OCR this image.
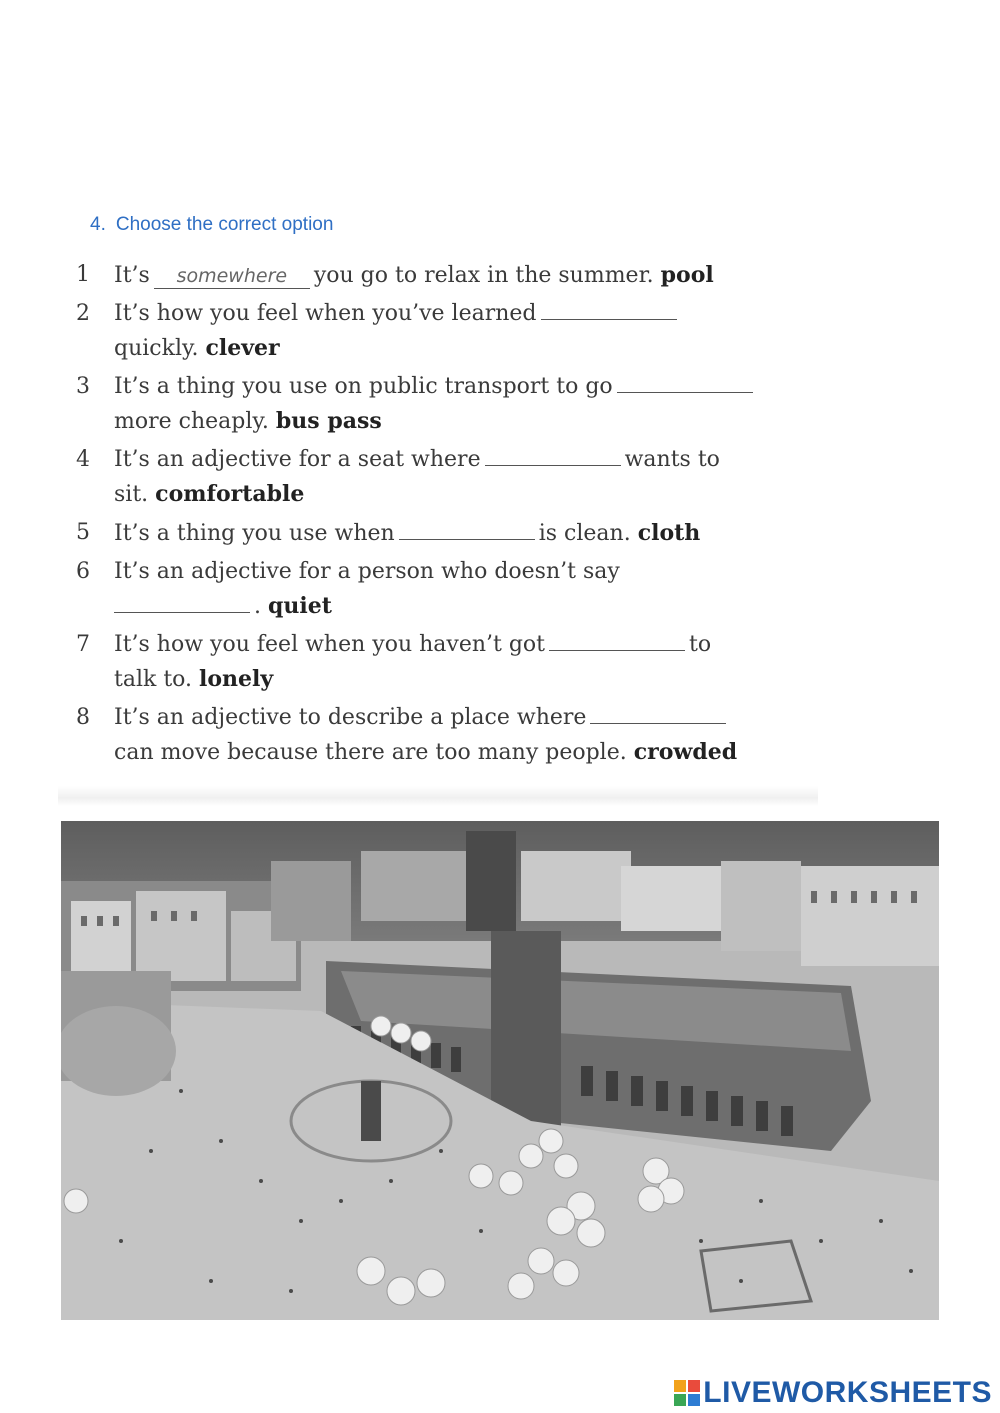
4. Choose the correct option
1 It’s somewhere you go to relax in the summer. pool
2 It’s how you feel when you’ve learned
quickly. clever
3 It’s a thing you use on public transport to go
more cheaply. bus pass
4 It’s an adjective for a seat where	wants to
sit. comfortable
5 It’s a thing you use when	is clean. cloth
6 It’s an adjective for a person who doesn’t say
. quiet
7 It’s how you feel when you haven’t got	to
talk to. lonely
8 It’s an adjective to describe a place where
can move because there are too many people. crowded
LIVEWORKSHEETS
